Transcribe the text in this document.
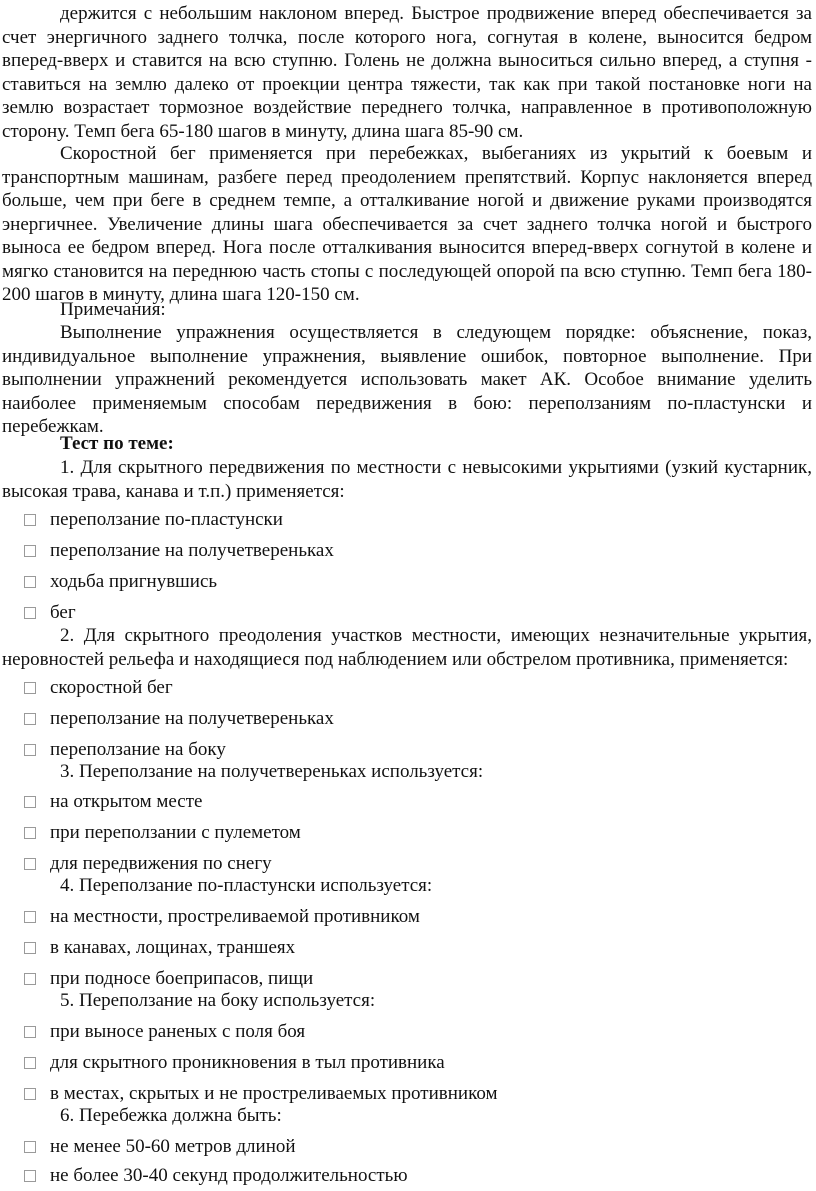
держится с небольшим наклоном вперед. Быстрое продвижение вперед обеспечивается за счет энергичного заднего толчка, после которого нога, согнутая в колене, выносится бедром вперед-вверх и ставится на всю ступню. Голень не должна выноситься сильно вперед, а ступня - ставиться на землю далеко от проекции центра тяжести, так как при такой постановке ноги на землю возрастает тормозное воздействие переднего толчка, направленное в противоположную сторону. Темп бега 65-180 шагов в минуту, длина шага 85-90 см.

Скоростной бег применяется при перебежках, выбеганиях из укрытий к боевым и транспортным машинам, разбеге перед преодолением препятствий. Корпус наклоняется вперед больше, чем при беге в среднем темпе, а отталкивание ногой и движение руками производятся энергичнее. Увеличение длины шага обеспечивается за счет заднего толчка ногой и быстрого выноса ее бедром вперед. Нога после отталкивания выносится вперед-вверх согнутой в колене и мягко становится на переднюю часть стопы с последующей опорой па всю ступню. Темп бега 180-200 шагов в минуту, длина шага 120-150 см.

Примечания:

Выполнение упражнения осуществляется в следующем порядке: объяснение, показ, индивидуальное выполнение упражнения, выявление ошибок, повторное выполнение. При выполнении упражнений рекомендуется использовать макет АК. Особое внимание уделить наиболее применяемым способам передвижения в бою: переползаниям по-пластунски и перебежкам.

Тест по теме:

1. Для скрытного передвижения по местности с невысокими укрытиями (узкий кустарник, высокая трава, канава и т.п.) применяется:

переползание по-пластунски
переползание на получетвереньках
ходьба пригнувшись
бег

2. Для скрытного преодоления участков местности, имеющих незначительные укрытия, неровностей рельефа и находящиеся под наблюдением или обстрелом противника, применяется:

скоростной бег
переползание на получетвереньках
переползание на боку
3. Переползание на получетвереньках используется:
на открытом месте
при переползании с пулеметом
для передвижения по снегу
4. Переползание по-пластунски используется:
на местности, простреливаемой противником
в канавах, лощинах, траншеях
при подносе боеприпасов, пищи
5. Переползание на боку используется:
при выносе раненых с поля боя
для скрытного проникновения в тыл противника
в местах, скрытых и не простреливаемых противником
6. Перебежка должна быть:
не менее 50-60 метров длиной
не более 30-40 секунд продолжительностью
